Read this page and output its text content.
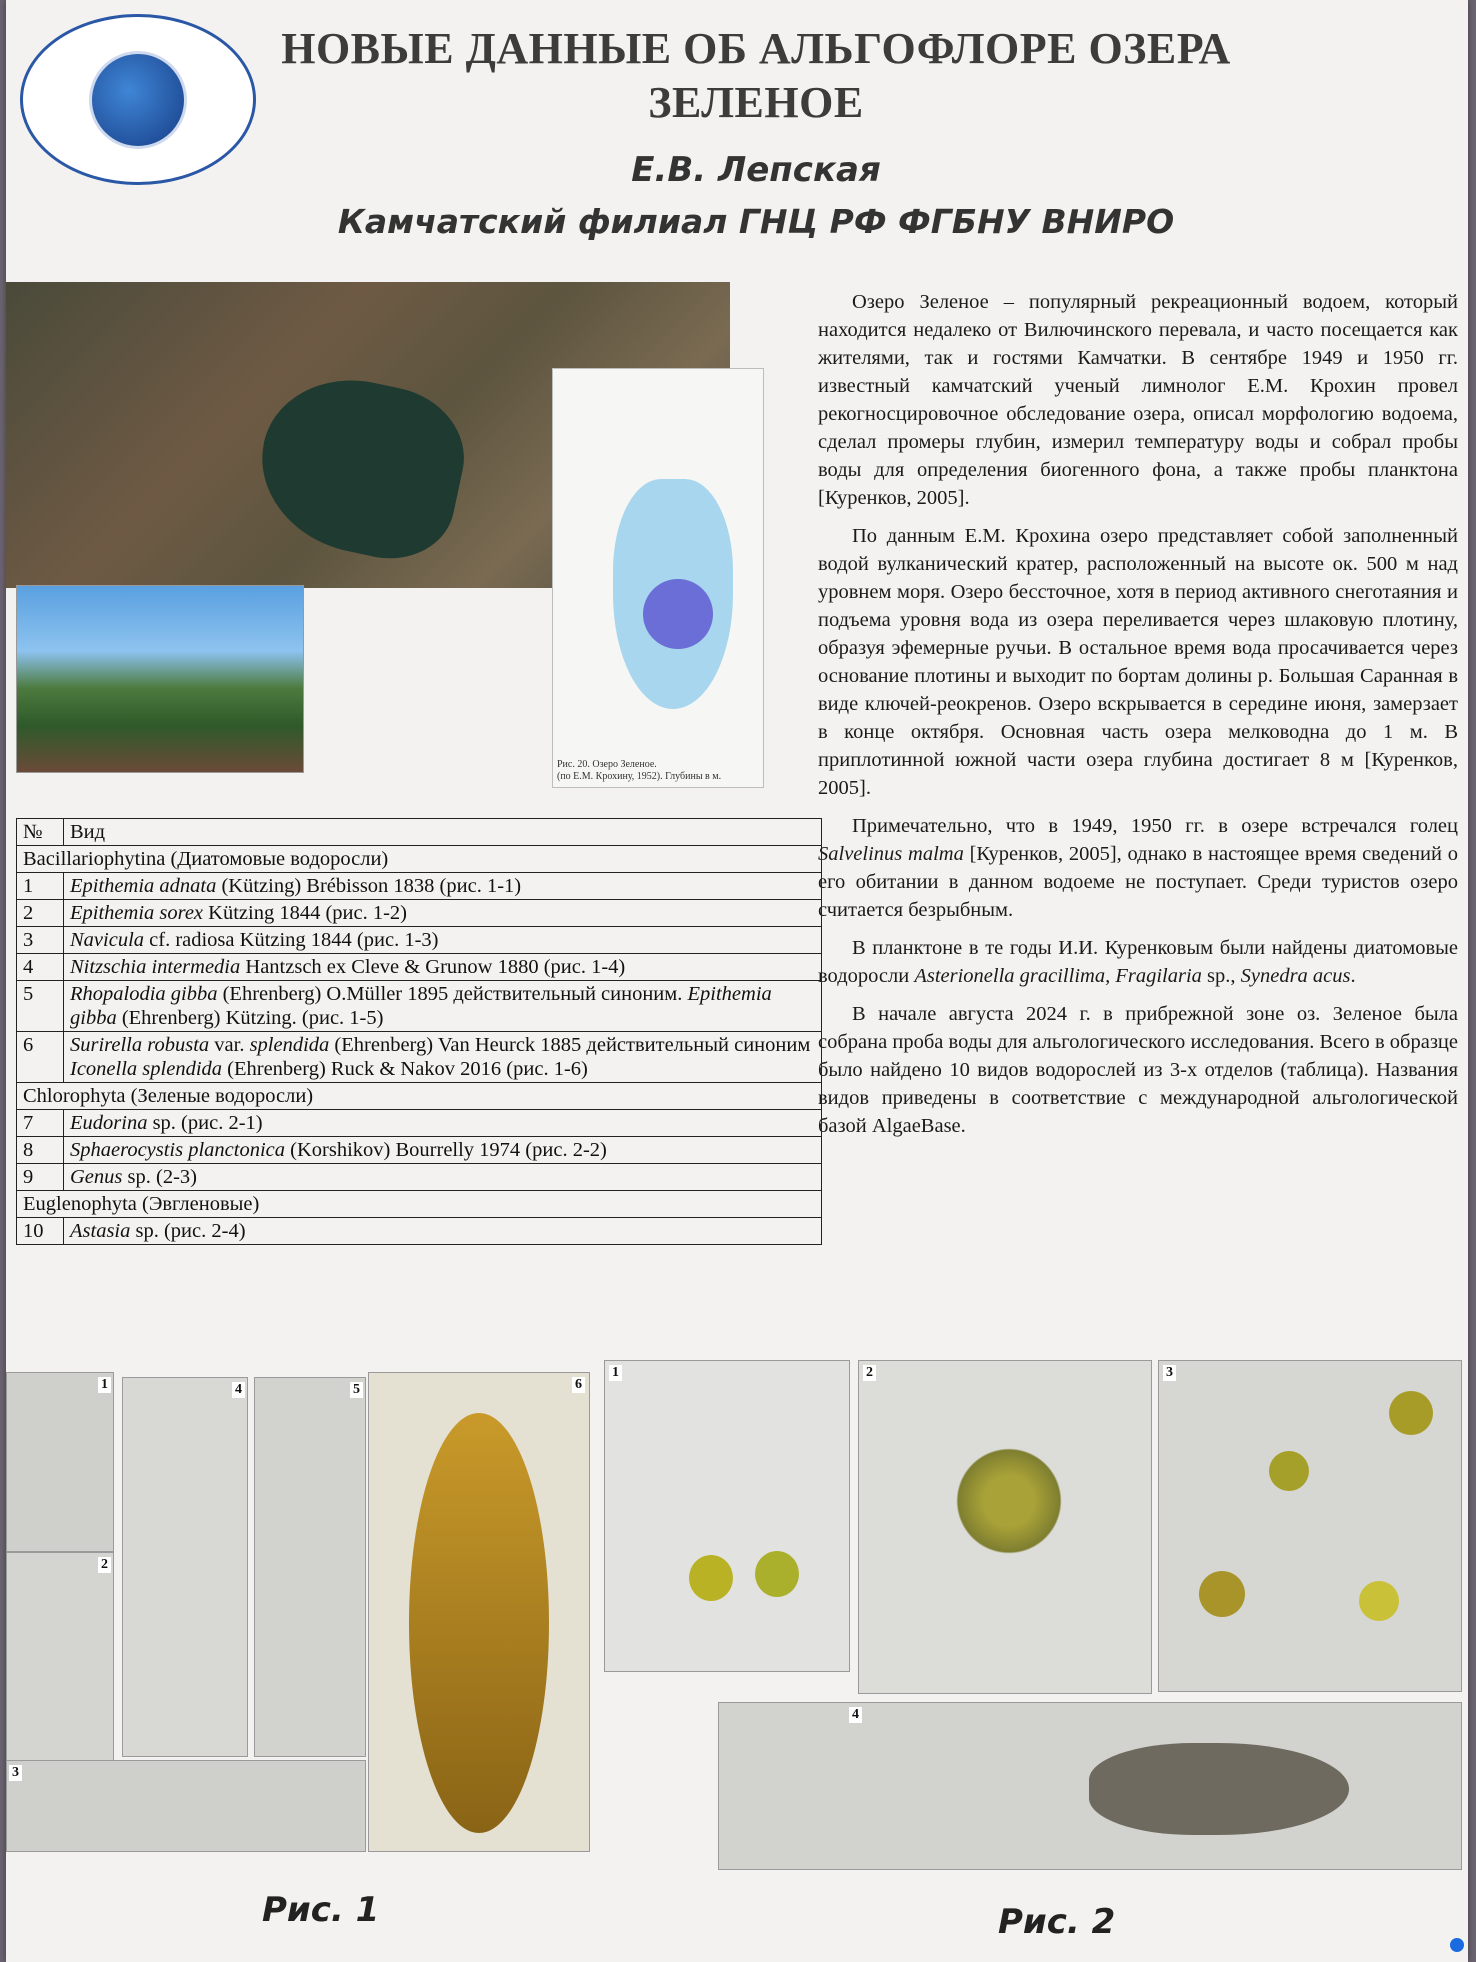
НОВЫЕ ДАННЫЕ ОБ АЛЬГОФЛОРЕ ОЗЕРА
ЗЕЛЕНОЕ
Е.В. Лепская
Камчатский филиал ГНЦ РФ ФГБНУ ВНИРО
Рис. 20. Озеро Зеленое.
(по Е.М. Крохину, 1952). Глубины в м.

Озеро Зеленое – популярный рекреационный водоем, который находится недалеко от Вилючинского перевала, и часто посещается как жителями, так и гостями Камчатки. В сентябре 1949 и 1950 гг. известный камчатский ученый лимнолог Е.М. Крохин провел рекогносцировочное обследование озера, описал морфологию водоема, сделал промеры глубин, измерил температуру воды и собрал пробы воды для определения биогенного фона, а также пробы планктона [Куренков, 2005].

По данным Е.М. Крохина озеро представляет собой заполненный водой вулканический кратер, расположенный на высоте ок. 500 м над уровнем моря. Озеро бессточное, хотя в период активного снеготаяния и подъема уровня вода из озера переливается через шлаковую плотину, образуя эфемерные ручьи. В остальное время вода просачивается через основание плотины и выходит по бортам долины р. Большая Саранная в виде ключей-реокренов. Озеро вскрывается в середине июня, замерзает в конце октября. Основная часть озера мелководна до 1 м. В приплотинной южной части озера глубина достигает 8 м [Куренков, 2005].

Примечательно, что в 1949, 1950 гг. в озере встречался голец Salvelinus malma [Куренков, 2005], однако в настоящее время сведений о его обитании в данном водоеме не поступает. Среди туристов озеро считается безрыбным.

В планктоне в те годы И.И. Куренковым были найдены диатомовые водоросли Asterionella gracillima, Fragilaria sp., Synedra acus.

В начале августа 2024 г. в прибрежной зоне оз. Зеленое была собрана проба воды для альгологического исследования. Всего в образце было найдено 10 видов водорослей из 3-х отделов (таблица). Названия видов приведены в соответствие с международной альгологической базой AlgaeBase.

№	Вид
Bacillariophytina (Диатомовые водоросли)	
1	Epithemia adnata (Kützing) Brébisson 1838 (рис. 1-1)
2	Epithemia sorex Kützing 1844 (рис. 1-2)
3	Navicula cf. radiosa Kützing 1844 (рис. 1-3)
4	Nitzschia intermedia Hantzsch ex Cleve & Grunow 1880 (рис. 1-4)
5	Rhopalodia gibba (Ehrenberg) O.Müller 1895 действительный синоним. Epithemia gibba (Ehrenberg) Kützing. (рис. 1-5)
6	Surirella robusta var. splendida (Ehrenberg) Van Heurck 1885 действительный синоним Iconella splendida (Ehrenberg) Ruck & Nakov 2016 (рис. 1-6)
Chlorophyta (Зеленые водоросли)	
7	Eudorina sp. (рис. 2-1)
8	Sphaerocystis planctonica (Korshikov) Bourrelly 1974 (рис. 2-2)
9	Genus sp. (2-3)
Euglenophyta (Эвгленовые)	
10	Astasia sp. (рис. 2-4)
1
2
4	5
3
6
1	2	3
4
Рис. 1	Рис. 2
